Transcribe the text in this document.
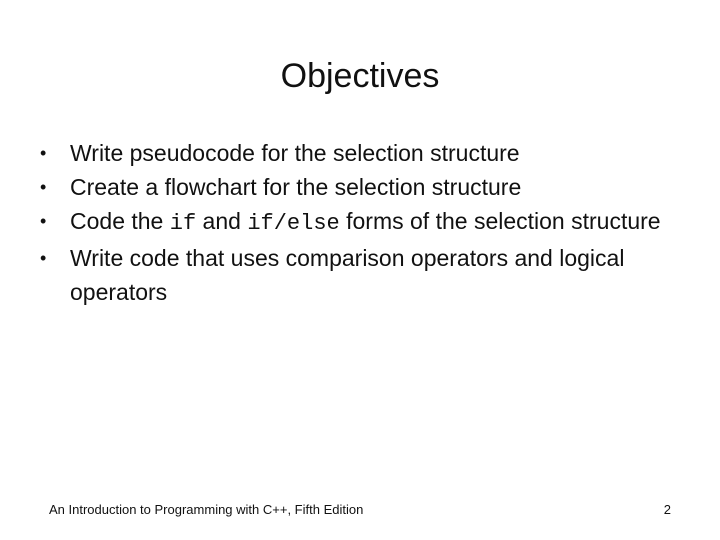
Objectives
• Write pseudocode for the selection structure
• Create a flowchart for the selection structure
• Code the if and if/else forms of the selection structure
• Write code that uses comparison operators and logical operators
An Introduction to Programming with C++, Fifth Edition	2
